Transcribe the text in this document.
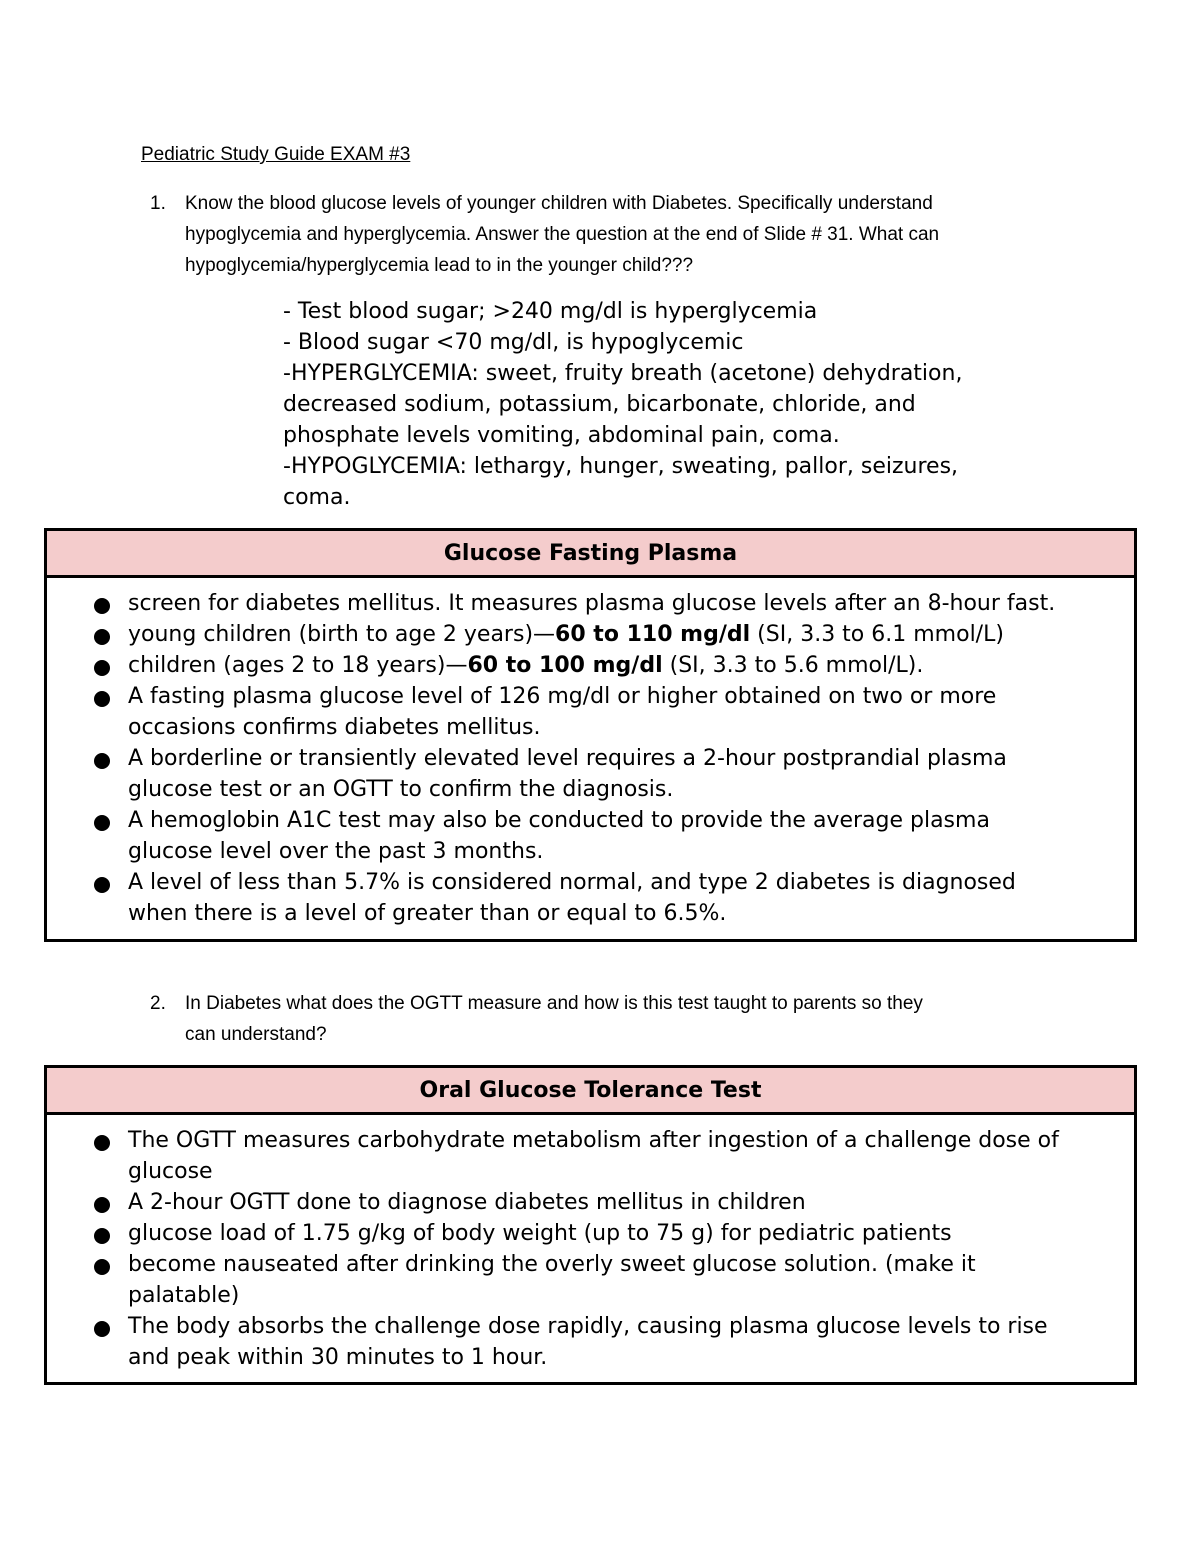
Pediatric Study Guide EXAM #3
1. Know the blood glucose levels of younger children with Diabetes. Specifically understand
hypoglycemia and hyperglycemia. Answer the question at the end of Slide # 31. What can
hypoglycemia/hyperglycemia lead to in the younger child???
- Test blood sugar; >240 mg/dl is hyperglycemia
- Blood sugar <70 mg/dl, is hypoglycemic
-HYPERGLYCEMIA: sweet, fruity breath (acetone) dehydration,
decreased sodium, potassium, bicarbonate, chloride, and
phosphate levels vomiting, abdominal pain, coma.
-HYPOGLYCEMIA: lethargy, hunger, sweating, pallor, seizures,
coma.
Glucose Fasting Plasma
screen for diabetes mellitus. It measures plasma glucose levels after an 8-hour fast.
young children (birth to age 2 years)—60 to 110 mg/dl (SI, 3.3 to 6.1 mmol/L)
children (ages 2 to 18 years)—60 to 100 mg/dl (SI, 3.3 to 5.6 mmol/L).
A fasting plasma glucose level of 126 mg/dl or higher obtained on two or more
occasions confirms diabetes mellitus.
A borderline or transiently elevated level requires a 2-hour postprandial plasma
glucose test or an OGTT to confirm the diagnosis.
A hemoglobin A1C test may also be conducted to provide the average plasma
glucose level over the past 3 months.
A level of less than 5.7% is considered normal, and type 2 diabetes is diagnosed
when there is a level of greater than or equal to 6.5%.
2. In Diabetes what does the OGTT measure and how is this test taught to parents so they
can understand?
Oral Glucose Tolerance Test
The OGTT measures carbohydrate metabolism after ingestion of a challenge dose of
glucose
A 2-hour OGTT done to diagnose diabetes mellitus in children
glucose load of 1.75 g/kg of body weight (up to 75 g) for pediatric patients
become nauseated after drinking the overly sweet glucose solution. (make it
palatable)
The body absorbs the challenge dose rapidly, causing plasma glucose levels to rise
and peak within 30 minutes to 1 hour.
